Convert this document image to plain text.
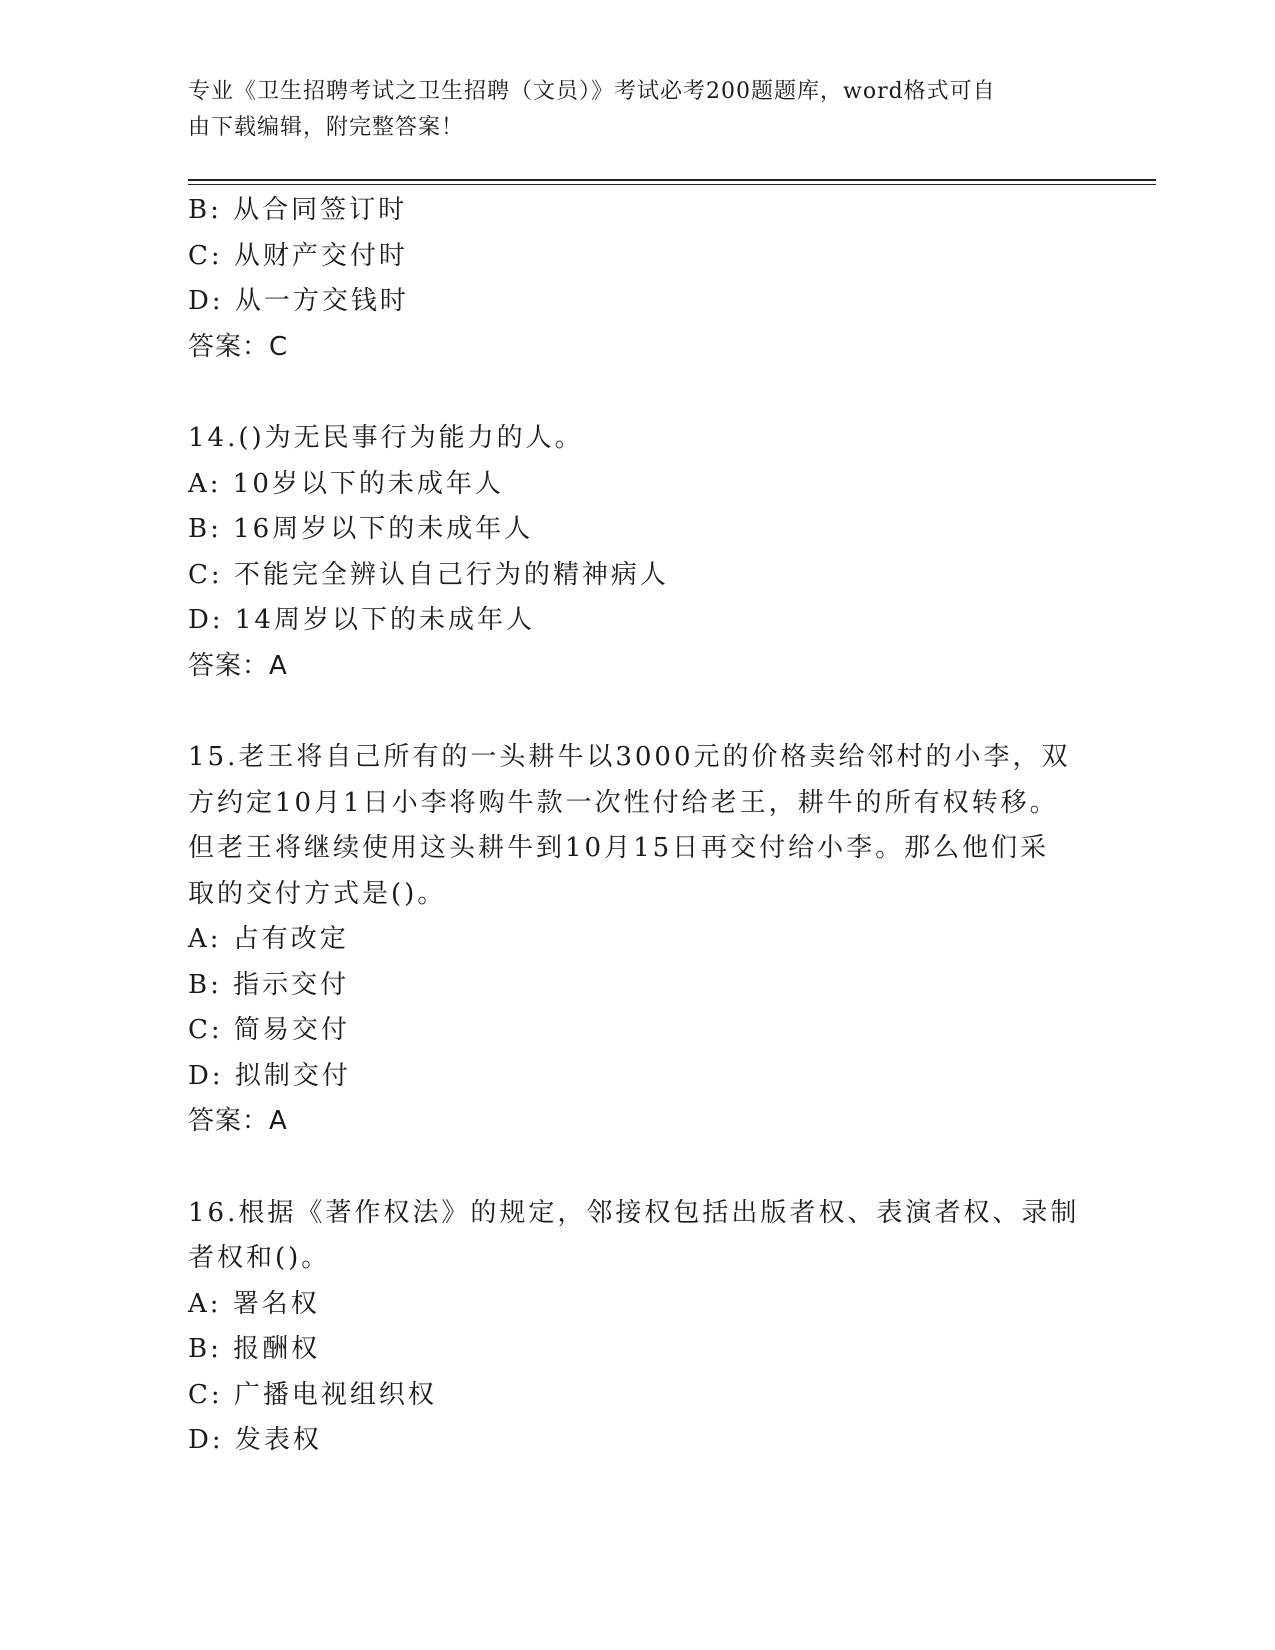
专业《卫生招聘考试之卫生招聘（文员）》考试必考200题题库，word格式可自
由下载编辑，附完整答案！
B: 从合同签订时
C: 从财产交付时
D: 从一方交钱时
答案：C
14.()为无民事行为能力的人。
A: 10岁以下的未成年人
B: 16周岁以下的未成年人
C: 不能完全辨认自己行为的精神病人
D: 14周岁以下的未成年人
答案：A
15.老王将自己所有的一头耕牛以3000元的价格卖给邻村的小李，双
方约定10月1日小李将购牛款一次性付给老王，耕牛的所有权转移。
但老王将继续使用这头耕牛到10月15日再交付给小李。那么他们采
取的交付方式是()。
A: 占有改定
B: 指示交付
C: 简易交付
D: 拟制交付
答案：A
16.根据《著作权法》的规定，邻接权包括出版者权、表演者权、录制
者权和()。
A: 署名权
B: 报酬权
C: 广播电视组织权
D: 发表权
